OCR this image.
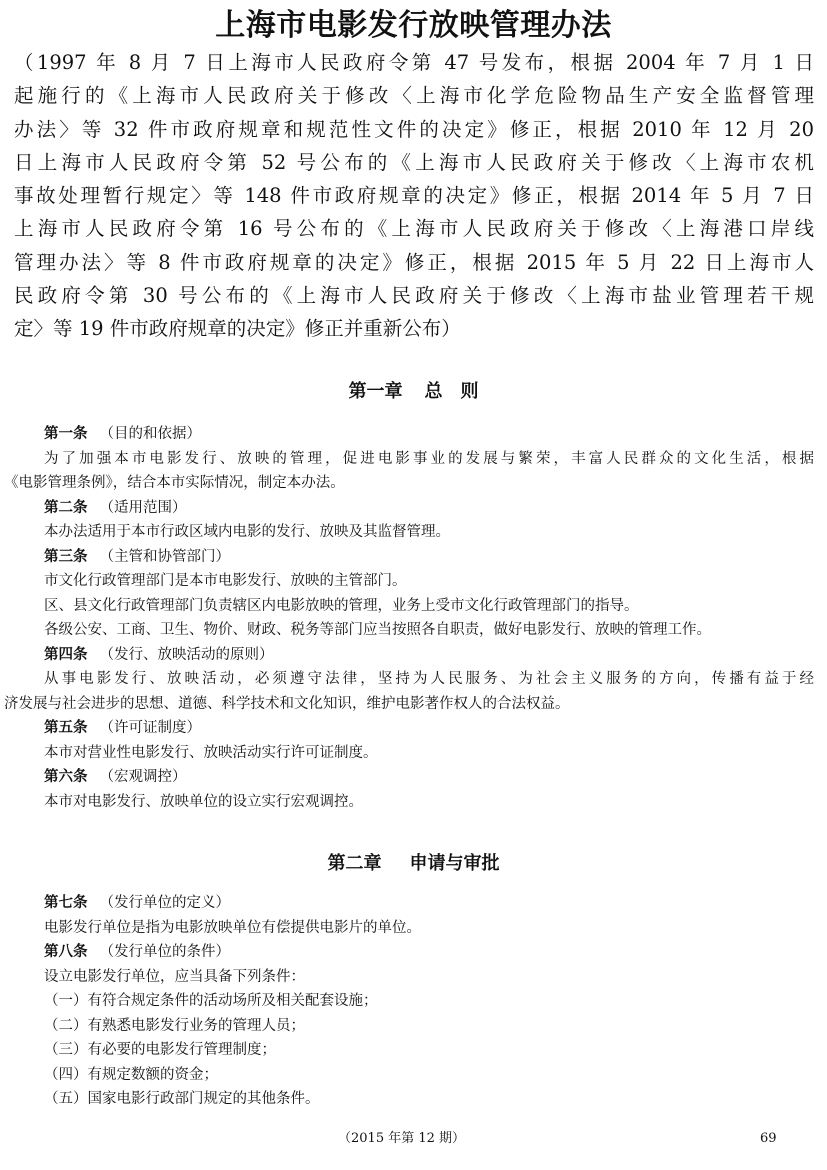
上海市电影发行放映管理办法
（1997 年 8 月 7 日上海市人民政府令第 47 号发布，根据 2004 年 7 月 1 日
起施行的《上海市人民政府关于修改〈上海市化学危险物品生产安全监督管理
办法〉等 32 件市政府规章和规范性文件的决定》修正，根据 2010 年 12 月 20
日上海市人民政府令第 52 号公布的《上海市人民政府关于修改〈上海市农机
事故处理暂行规定〉等 148 件市政府规章的决定》修正，根据 2014 年 5 月 7 日
上海市人民政府令第 16 号公布的《上海市人民政府关于修改〈上海港口岸线
管理办法〉等 8 件市政府规章的决定》修正，根据 2015 年 5 月 22 日上海市人
民政府令第 30 号公布的《上海市人民政府关于修改〈上海市盐业管理若干规
定〉等 19 件市政府规章的决定》修正并重新公布）
第一章 总　则
第一条 （目的和依据）
为了加强本市电影发行、放映的管理，促进电影事业的发展与繁荣，丰富人民群众的文化生活，根据
《电影管理条例》，结合本市实际情况，制定本办法。
第二条 （适用范围）
本办法适用于本市行政区域内电影的发行、放映及其监督管理。
第三条 （主管和协管部门）
市文化行政管理部门是本市电影发行、放映的主管部门。
区、县文化行政管理部门负责辖区内电影放映的管理，业务上受市文化行政管理部门的指导。
各级公安、工商、卫生、物价、财政、税务等部门应当按照各自职责，做好电影发行、放映的管理工作。
第四条 （发行、放映活动的原则）
从事电影发行、放映活动，必须遵守法律，坚持为人民服务、为社会主义服务的方向，传播有益于经
济发展与社会进步的思想、道德、科学技术和文化知识，维护电影著作权人的合法权益。
第五条 （许可证制度）
本市对营业性电影发行、放映活动实行许可证制度。
第六条 （宏观调控）
本市对电影发行、放映单位的设立实行宏观调控。
第二章 申请与审批
第七条 （发行单位的定义）
电影发行单位是指为电影放映单位有偿提供电影片的单位。
第八条 （发行单位的条件）
设立电影发行单位，应当具备下列条件：
（一）有符合规定条件的活动场所及相关配套设施；
（二）有熟悉电影发行业务的管理人员；
（三）有必要的电影发行管理制度；
（四）有规定数额的资金；
（五）国家电影行政部门规定的其他条件。
（2015 年第 12 期）	69
